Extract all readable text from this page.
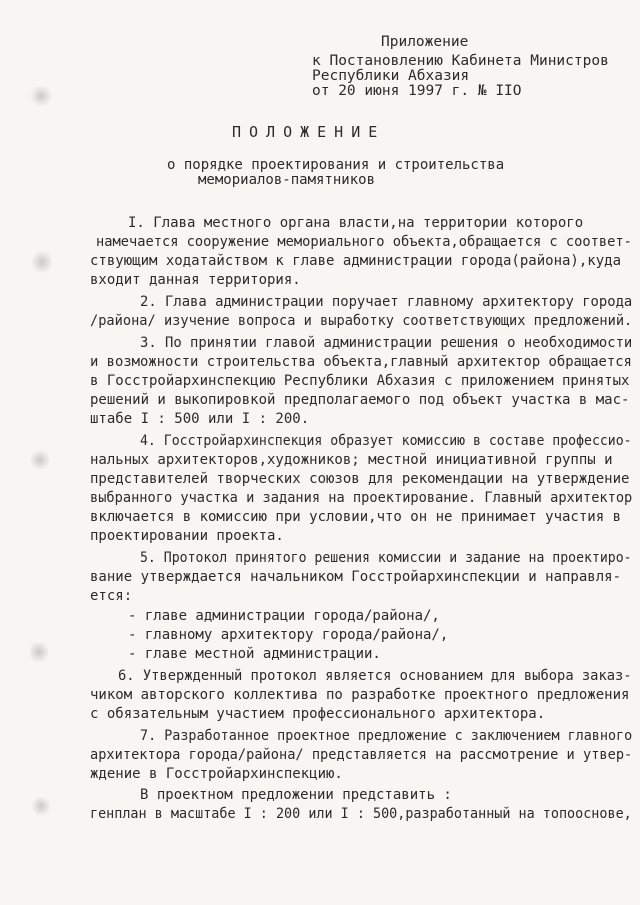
Приложение
к Постановлению Кабинета Министров
Республики Абхазия
от 20 июня 1997 г. № IIO
ПОЛОЖЕНИЕ
о порядке проектирования и строительства
мемориалов-памятников
I. Глава местного органа власти,на территории которого
намечается сооружение мемориального объекта,обращается с соответ-
ствующим ходатайством к главе администрации города(района),куда
входит данная территория.
2. Глава администрации поручает главному архитектору города
/района/ изучение вопроса и выработку соответствующих предложений.
3. По принятии главой администрации решения о необходимости
и возможности строительства объекта,главный архитектор обращается
в Госстройархинспекцию Республики Абхазия с приложением принятых
решений и выкопировкой предполагаемого под объект участка в мас-
штабе I : 500 или I : 200.
4. Госстройархинспекция образует комиссию в составе профессио-
нальных архитекторов,художников; местной инициативной группы и
представителей творческих союзов для рекомендации на утверждение
выбранного участка и задания на проектирование. Главный архитектор
включается в комиссию при условии,что он не принимает участия в
проектировании проекта.
5. Протокол принятого решения комиссии и задание на проектиро-
вание утверждается начальником Госстройархинспекции и направля-
ется:
- главе администрации города/района/,
- главному архитектору города/района/,
- главе местной администрации.
6. Утвержденный протокол является основанием для выбора заказ-
чиком авторского коллектива по разработке проектного предложения
с обязательным участием профессионального архитектора.
7. Разработанное проектное предложение с заключением главного
архитектора города/района/ представляется на рассмотрение и утвер-
ждение в Госстройархинспекцию.
В проектном предложении представить :
генплан в масштабе I : 200 или I : 500,разработанный на топооснове,
